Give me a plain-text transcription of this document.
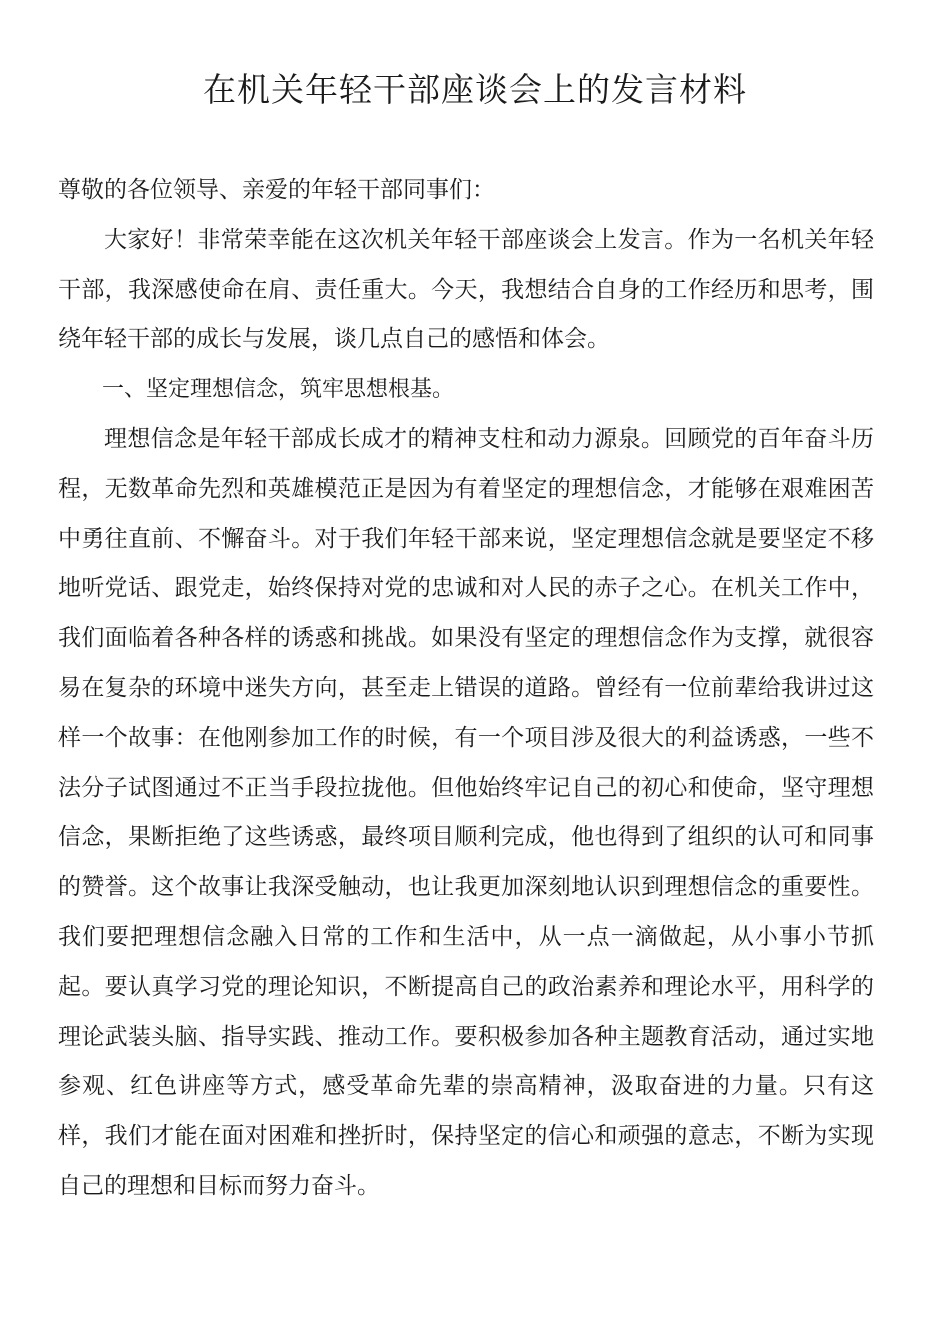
在机关年轻干部座谈会上的发言材料

尊敬的各位领导、亲爱的年轻干部同事们：

大家好！非常荣幸能在这次机关年轻干部座谈会上发言。作为一名机关年轻干部，我深感使命在肩、责任重大。今天，我想结合自身的工作经历和思考，围绕年轻干部的成长与发展，谈几点自己的感悟和体会。

一、坚定理想信念，筑牢思想根基。

理想信念是年轻干部成长成才的精神支柱和动力源泉。回顾党的百年奋斗历程，无数革命先烈和英雄模范正是因为有着坚定的理想信念，才能够在艰难困苦中勇往直前、不懈奋斗。对于我们年轻干部来说，坚定理想信念就是要坚定不移地听党话、跟党走，始终保持对党的忠诚和对人民的赤子之心。在机关工作中，我们面临着各种各样的诱惑和挑战。如果没有坚定的理想信念作为支撑，就很容易在复杂的环境中迷失方向，甚至走上错误的道路。曾经有一位前辈给我讲过这样一个故事：在他刚参加工作的时候，有一个项目涉及很大的利益诱惑，一些不法分子试图通过不正当手段拉拢他。但他始终牢记自己的初心和使命，坚守理想信念，果断拒绝了这些诱惑，最终项目顺利完成，他也得到了组织的认可和同事的赞誉。这个故事让我深受触动，也让我更加深刻地认识到理想信念的重要性。我们要把理想信念融入日常的工作和生活中，从一点一滴做起，从小事小节抓起。要认真学习党的理论知识，不断提高自己的政治素养和理论水平，用科学的理论武装头脑、指导实践、推动工作。要积极参加各种主题教育活动，通过实地参观、红色讲座等方式，感受革命先辈的崇高精神，汲取奋进的力量。只有这样，我们才能在面对困难和挫折时，保持坚定的信心和顽强的意志，不断为实现自己的理想和目标而努力奋斗。
